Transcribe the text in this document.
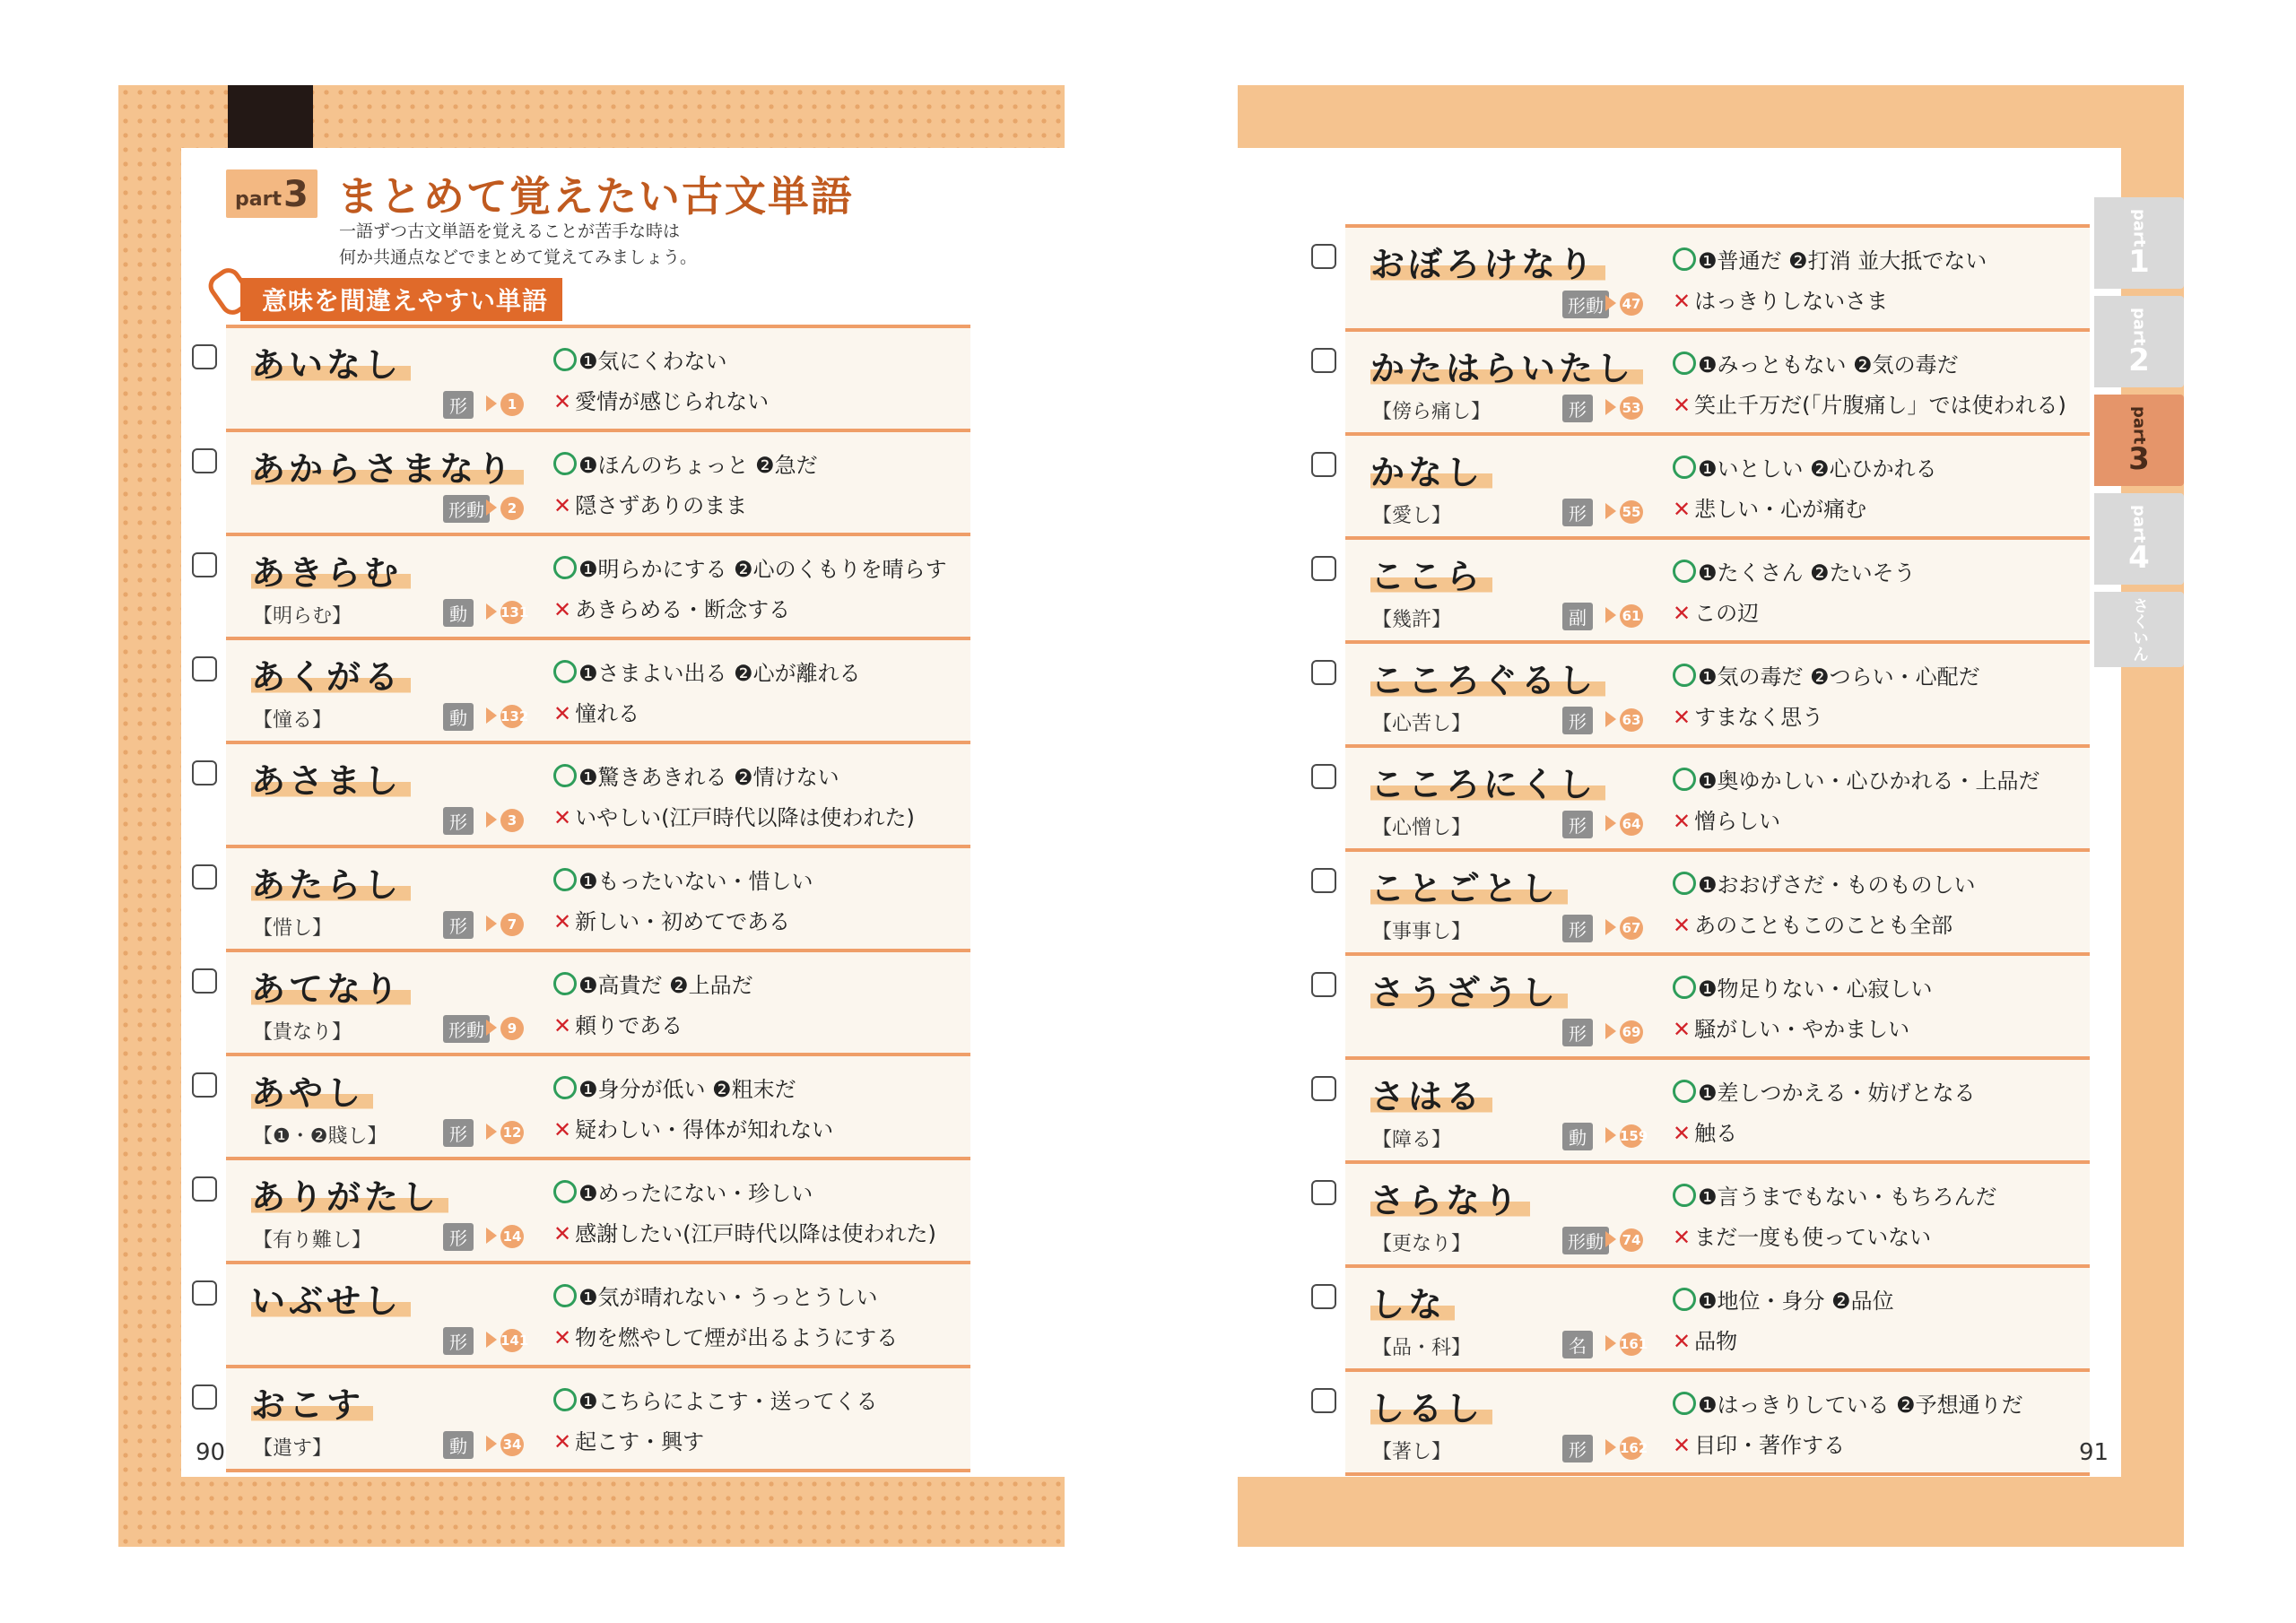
part 3 まとめて覚えたい古文単語
一語ずつ古文単語を覚えることが苦手な時は
何か共通点などでまとめて覚えてみましょう。
意味を間違えやすい単語
あいなし
形	1
❶気にくわない
✕ 愛情が感じられない
あからさまなり
形動	2
❶ほんのちょっと ❷急だ
✕ 隠さずありのまま
あきらむ
【明らむ】	動	131
❶明らかにする ❷心のくもりを晴らす
✕ あきらめる・断念する
あくがる
【憧る】	動	132
❶さまよい出る ❷心が離れる
✕ 憧れる
あさまし
形	3
❶驚きあきれる ❷情けない
✕ いやしい(江戸時代以降は使われた)
あたらし
【惜し】	形	7
❶もったいない・惜しい
✕ 新しい・初めてである
あてなり
【貴なり】	形動	9
❶高貴だ ❷上品だ
✕ 頼りである
あやし
【❶・❷賤し】	形	12
❶身分が低い ❷粗末だ
✕ 疑わしい・得体が知れない
ありがたし
【有り難し】	形	14
❶めったにない・珍しい
✕ 感謝したい(江戸時代以降は使われた)
いぶせし
形	141
❶気が晴れない・うっとうしい
✕ 物を燃やして煙が出るようにする
おこす
【遣す】	動	34
❶こちらによこす・送ってくる
✕ 起こす・興す
おぼろけなり
形動	47
❶普通だ ❷打消 並大抵でない
✕ はっきりしないさま
かたはらいたし
【傍ら痛し】	形	53
❶みっともない ❷気の毒だ
✕ 笑止千万だ(「片腹痛し」では使われる)
かなし
【愛し】	形	55
❶いとしい ❷心ひかれる
✕ 悲しい・心が痛む
ここら
【幾許】	副	61
❶たくさん ❷たいそう
✕ この辺
こころぐるし
【心苦し】	形	63
❶気の毒だ ❷つらい・心配だ
✕ すまなく思う
こころにくし
【心憎し】	形	64
❶奥ゆかしい・心ひかれる・上品だ
✕ 憎らしい
ことごとし
【事事し】	形	67
❶おおげさだ・ものものしい
✕ あのこともこのことも全部
さうざうし
形	69
❶物足りない・心寂しい
✕ 騒がしい・やかましい
さはる
【障る】	動	159
❶差しつかえる・妨げとなる
✕ 触る
さらなり
【更なり】	形動	74
❶言うまでもない・もちろんだ
✕ まだ一度も使っていない
しな
【品・科】	名	161
❶地位・身分 ❷品位
✕ 品物
しるし
【著し】	形	162
❶はっきりしている ❷予想通りだ
✕ 目印・著作する
90	91
part
1
part
2
part
3
part
4
さくいん
